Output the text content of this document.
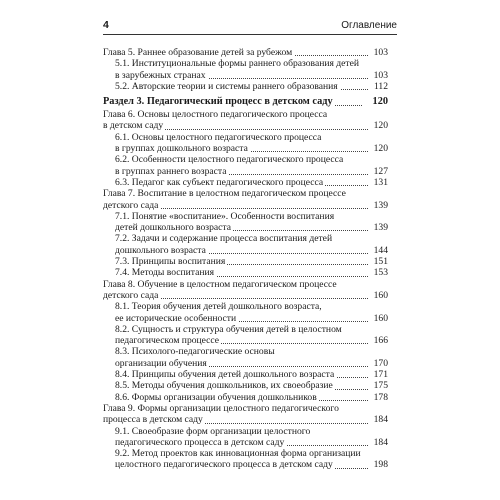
4	Оглавление
Глава 5. Раннее образование детей за рубежом	103
5.1. Институциональные формы раннего образования детей
в зарубежных странах	103
5.2. Авторские теории и системы раннего образования	112
Раздел 3. Педагогический процесс в детском саду	120
Глава 6. Основы целостного педагогического процесса
в детском саду	120
6.1. Основы целостного педагогического процесса
в группах дошкольного возраста	120
6.2. Особенности целостного педагогического процесса
в группах раннего возраста	127
6.3. Педагог как субъект педагогического процесса	131
Глава 7. Воспитание в целостном педагогическом процессе
детского сада	139
7.1. Понятие «воспитание». Особенности воспитания
детей дошкольного возраста	139
7.2. Задачи и содержание процесса воспитания детей
дошкольного возраста	144
7.3. Принципы воспитания	151
7.4. Методы воспитания	153
Глава 8. Обучение в целостном педагогическом процессе
детского сада	160
8.1. Теория обучения детей дошкольного возраста,
ее исторические особенности	160
8.2. Сущность и структура обучения детей в целостном
педагогическом процессе	166
8.3. Психолого-педагогические основы
организации обучения	170
8.4. Принципы обучения детей дошкольного возраста	171
8.5. Методы обучения дошкольников, их своеобразие	175
8.6. Формы организации обучения дошкольников	178
Глава 9. Формы организации целостного педагогического
процесса в детском саду	184
9.1. Своеобразие форм организации целостного
педагогического процесса в детском саду	184
9.2. Метод проектов как инновационная форма организации
целостного педагогического процесса в детском саду	198
